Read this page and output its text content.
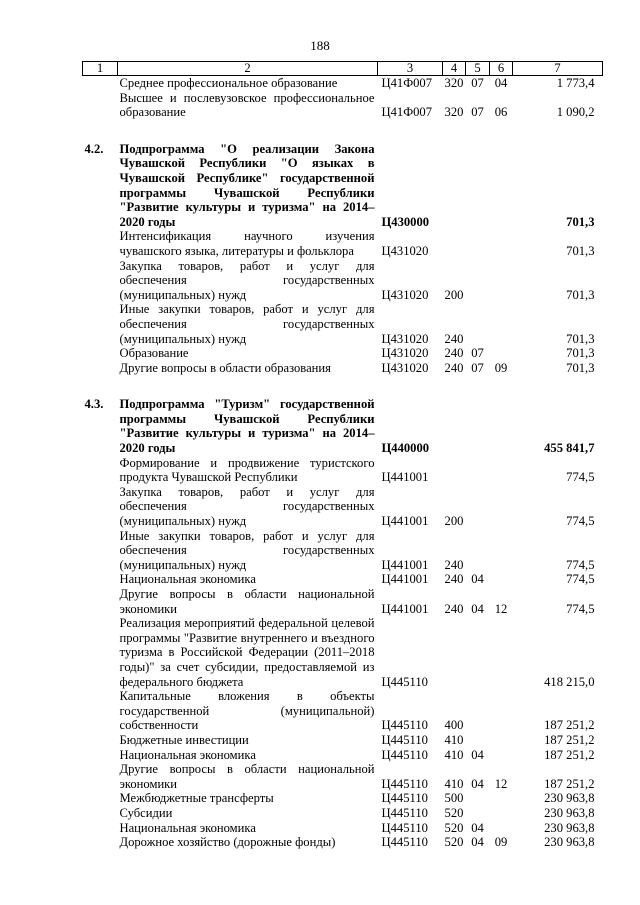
188
1	2	3	4	5	6	7
	Среднее профессиональное образование	Ц41Ф007	320	07	04	1 773,4
	Высшее и послевузовское профессиональное образование	Ц41Ф007	320	07	06	1 090,2

4.2.	Подпрограмма "О реализации Закона Чувашской Республики "О языках в Чувашской Республике" государственной программы Чувашской Республики "Развитие культуры и туризма" на 2014–2020 годы	Ц430000				701,3
	Интенсификация научного изучения чувашского языка, литературы и фольклора	Ц431020				701,3
	Закупка товаров, работ и услуг для обеспечения государственных (муниципальных) нужд	Ц431020	200			701,3
	Иные закупки товаров, работ и услуг для обеспечения государственных (муниципальных) нужд	Ц431020	240			701,3
	Образование	Ц431020	240	07		701,3
	Другие вопросы в области образования	Ц431020	240	07	09	701,3

4.3.	Подпрограмма "Туризм" государственной программы Чувашской Республики "Развитие культуры и туризма" на 2014–2020 годы	Ц440000				455 841,7
	Формирование и продвижение туристского продукта Чувашской Республики	Ц441001				774,5
	Закупка товаров, работ и услуг для обеспечения государственных (муниципальных) нужд	Ц441001	200			774,5
	Иные закупки товаров, работ и услуг для обеспечения государственных (муниципальных) нужд	Ц441001	240			774,5
	Национальная экономика	Ц441001	240	04		774,5
	Другие вопросы в области национальной экономики	Ц441001	240	04	12	774,5
	Реализация мероприятий федеральной целевой программы "Развитие внутреннего и въездного туризма в Российской Федерации (2011–2018 годы)" за счет субсидии, предоставляемой из федерального бюджета	Ц445110				418 215,0
	Капитальные вложения в объекты государственной (муниципальной) собственности	Ц445110	400			187 251,2
	Бюджетные инвестиции	Ц445110	410			187 251,2
	Национальная экономика	Ц445110	410	04		187 251,2
	Другие вопросы в области национальной экономики	Ц445110	410	04	12	187 251,2
	Межбюджетные трансферты	Ц445110	500			230 963,8
	Субсидии	Ц445110	520			230 963,8
	Национальная экономика	Ц445110	520	04		230 963,8
	Дорожное хозяйство (дорожные фонды)	Ц445110	520	04	09	230 963,8
